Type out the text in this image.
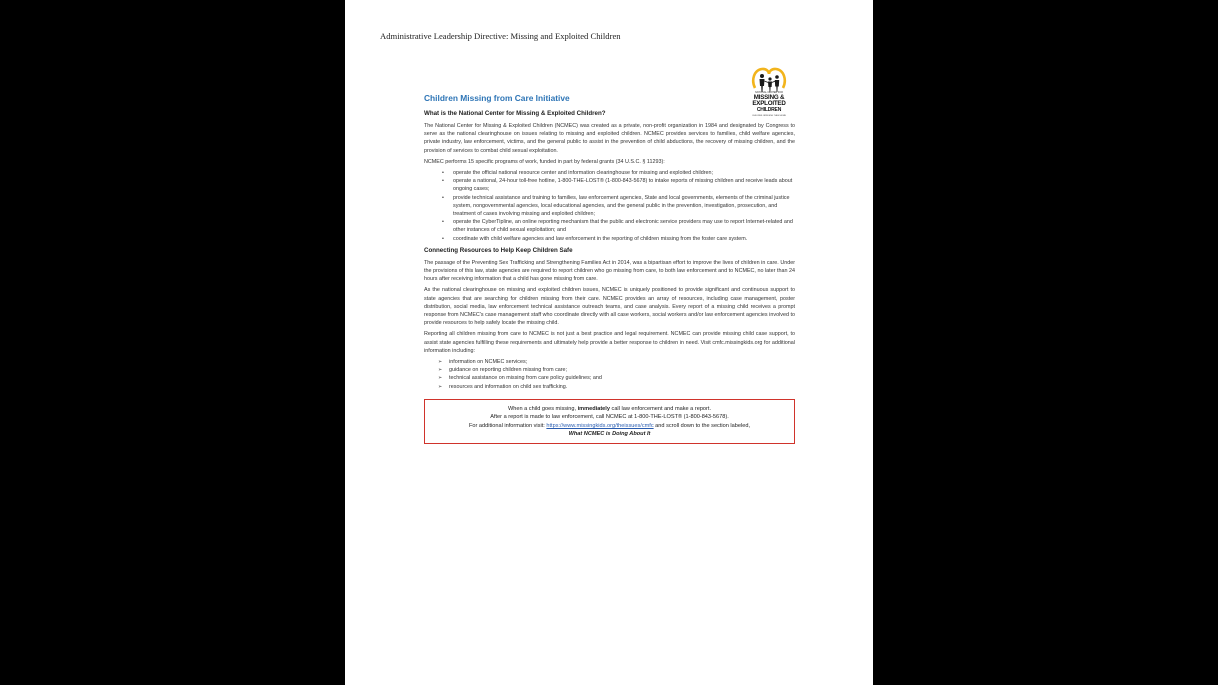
Administrative Leadership Directive: Missing and Exploited Children
NATIONAL CENTER FOR
MISSING &
EXPLOITED
CHILDREN
CHILDREN. BRINGING THEM HOME
Children Missing from Care Initiative
What is the National Center for Missing & Exploited Children?

The National Center for Missing & Exploited Children (NCMEC) was created as a private, non-profit organization in 1984 and designated by Congress to serve as the national clearinghouse on issues relating to missing and exploited children. NCMEC provides services to families, child welfare agencies, private industry, law enforcement, victims, and the general public to assist in the prevention of child abductions, the recovery of missing children, and the provision of services to combat child sexual exploitation.

NCMEC performs 15 specific programs of work, funded in part by federal grants (34 U.S.C. § 11293):

• operate the official national resource center and information clearinghouse for missing and exploited children;
• operate a national, 24-hour toll-free hotline, 1-800-THE-LOST® (1-800-843-5678) to intake reports of missing children and receive leads about ongoing cases;
• provide technical assistance and training to families, law enforcement agencies, State and local governments, elements of the criminal justice system, nongovernmental agencies, local educational agencies, and the general public in the prevention, investigation, prosecution, and treatment of cases involving missing and exploited children;
• operate the CyberTipline, an online reporting mechanism that the public and electronic service providers may use to report Internet-related and other instances of child sexual exploitation; and
• coordinate with child welfare agencies and law enforcement in the reporting of children missing from the foster care system.
Connecting Resources to Help Keep Children Safe

The passage of the Preventing Sex Trafficking and Strengthening Families Act in 2014, was a bipartisan effort to improve the lives of children in care. Under the provisions of this law, state agencies are required to report children who go missing from care, to both law enforcement and to NCMEC, no later than 24 hours after receiving information that a child has gone missing from care.

As the national clearinghouse on missing and exploited children issues, NCMEC is uniquely positioned to provide significant and continuous support to state agencies that are searching for children missing from their care. NCMEC provides an array of resources, including case management, poster distribution, social media, law enforcement technical assistance outreach teams, and case analysis. Every report of a missing child receives a prompt response from NCMEC's case management staff who coordinate directly with all case workers, social workers and/or law enforcement agencies involved to provide resources to help safely locate the missing child.

Reporting all children missing from care to NCMEC is not just a best practice and legal requirement. NCMEC can provide missing child case support, to assist state agencies fulfilling these requirements and ultimately help provide a better response to children in need. Visit cmfc.missingkids.org for additional information including:

➢ information on NCMEC services;
➢ guidance on reporting children missing from care;
➢ technical assistance on missing from care policy guidelines; and
➢ resources and information on child sex trafficking.
When a child goes missing, immediately call law enforcement and make a report.
After a report is made to law enforcement, call NCMEC at 1-800-THE-LOST® (1-800-843-5678).
For additional information visit: https://www.missingkids.org/theissues/cmfc and scroll down to the section labeled,
What NCMEC is Doing About It
